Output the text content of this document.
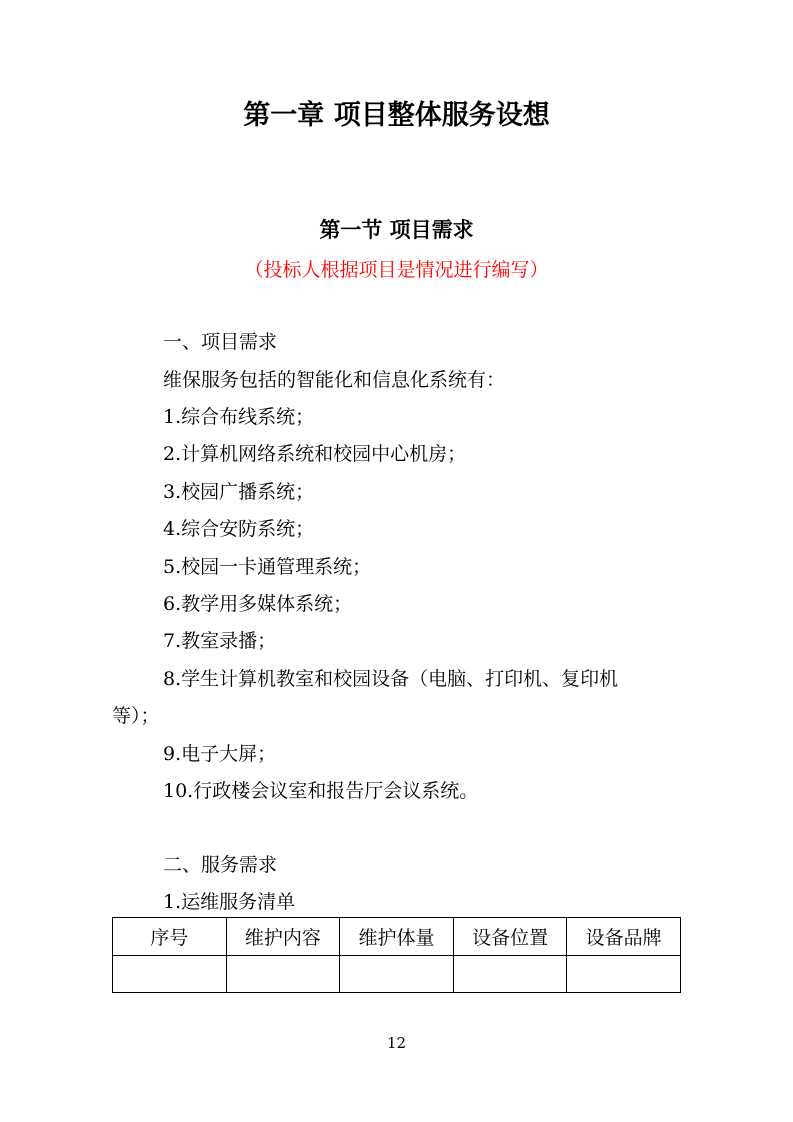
第一章 项目整体服务设想
第一节 项目需求
（投标人根据项目是情况进行编写）
一、项目需求
维保服务包括的智能化和信息化系统有：
1.综合布线系统；
2.计算机网络系统和校园中心机房；
3.校园广播系统；
4.综合安防系统；
5.校园一卡通管理系统；
6.教学用多媒体系统；
7.教室录播；
8.学生计算机教室和校园设备（电脑、打印机、复印机
等）；
9.电子大屏；
10.行政楼会议室和报告厅会议系统。
二、服务需求
1.运维服务清单
序号	维护内容	维护体量	设备位置	设备品牌

12
